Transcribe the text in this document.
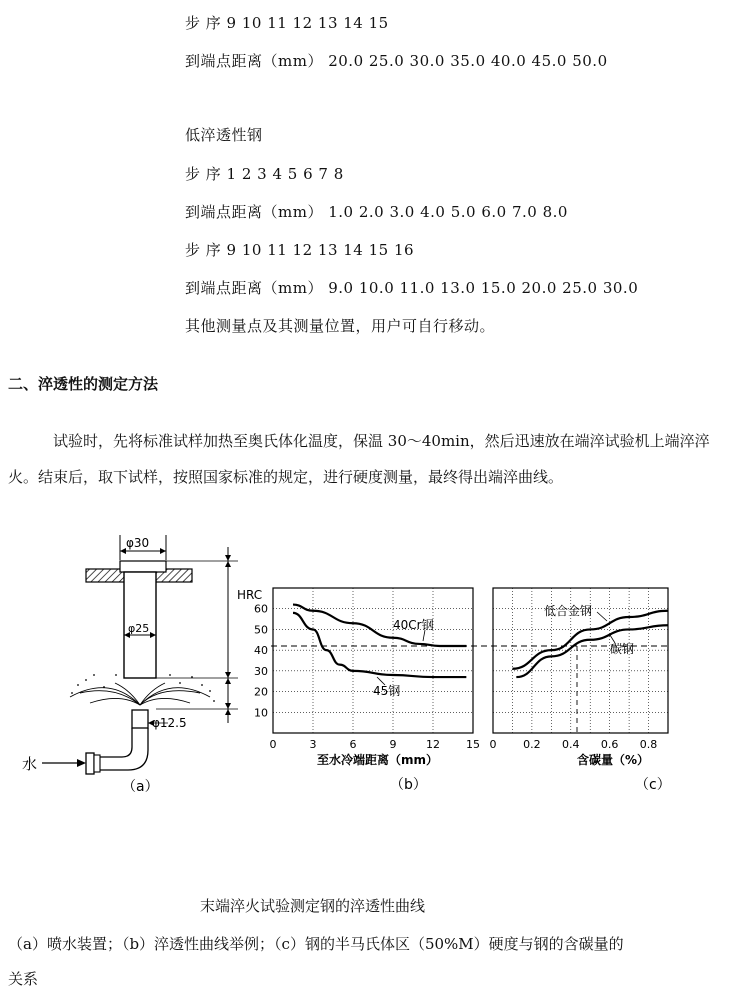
步 序 9 10 11 12 13 14 15
到端点距离（mm） 20.0 25.0 30.0 35.0 40.0 45.0 50.0
低淬透性钢
步 序 1 2 3 4 5 6 7 8
到端点距离（mm） 1.0 2.0 3.0 4.0 5.0 6.0 7.0 8.0
步 序 9 10 11 12 13 14 15 16
到端点距离（mm） 9.0 10.0 11.0 13.0 15.0 20.0 25.0 30.0
其他测量点及其测量位置，用户可自行移动。
二、淬透性的测定方法
试验时，先将标准试样加热至奥氏体化温度，保温 30～40min，然后迅速放在端淬试验机上端淬淬火。结束后，取下试样，按照国家标准的规定，进行硬度测量，最终得出端淬曲线。
φ30
φ25
φ12.5
水
（a）
HRC
60
50
40
30
20
10
0	3	6	9	12 15 0 0.2 0.4 0.6 0.8
40Cr钢
45钢
低合金钢
碳钢
至水冷端距离（mm）	含碳量（%）
（b）	（c）
末端淬火试验测定钢的淬透性曲线
（a）喷水装置；（b）淬透性曲线举例；（c）钢的半马氏体区（50%M）硬度与钢的含碳量的
关系
